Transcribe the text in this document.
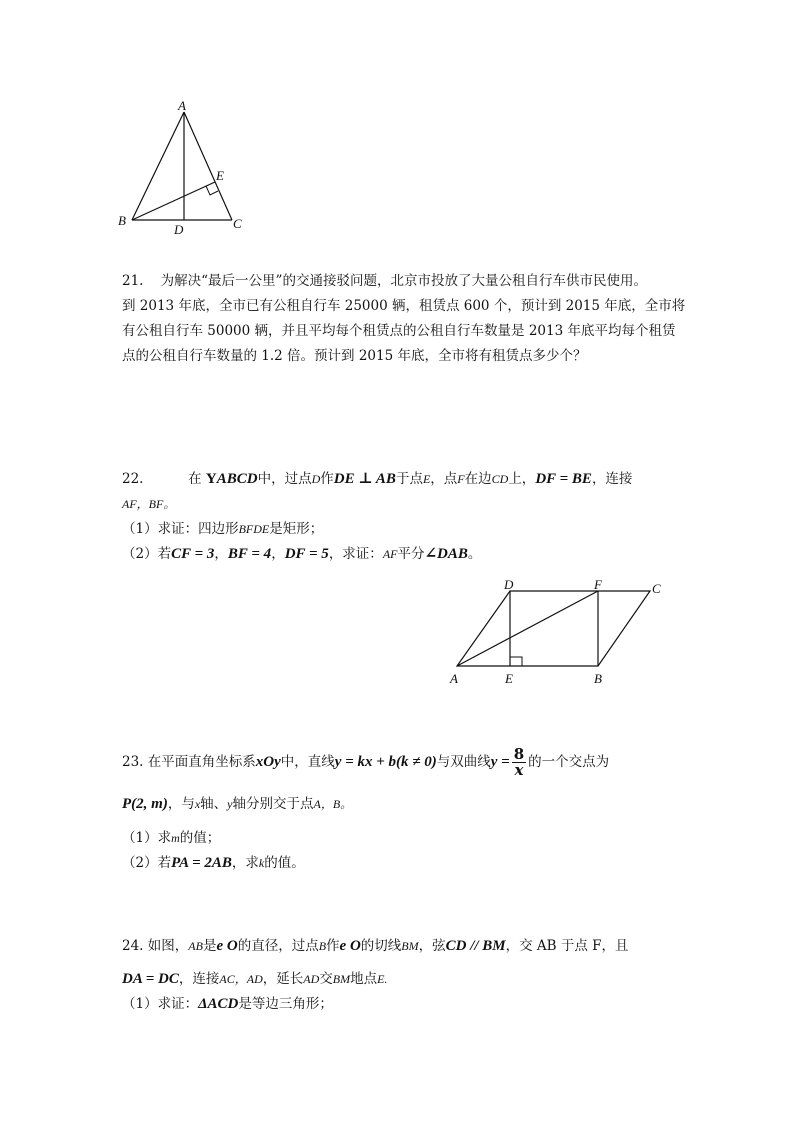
A
B	C
D
E
21. 为解决“最后一公里”的交通接驳问题，北京市投放了大量公租自行车供市民使用。
到 2013 年底，全市已有公租自行车 25000 辆，租赁点 600 个，预计到 2015 年底，全市将
有公租自行车 50000 辆，并且平均每个租赁点的公租自行车数量是 2013 年底平均每个租赁
点的公租自行车数量的 1.2 倍。预计到 2015 年底，全市将有租赁点多少个？
22.	在 YABCD中，过点D作DE ⊥ AB于点E，点F在边CD上，DF = BE，连接
AF，BF。
（1）求证：四边形BFDE是矩形；
（2）若CF = 3，BF = 4，DF = 5，求证：AF平分∠DAB。
A	B
C
D
E
F
23. 在平面直角坐标系xOy中，直线y = kx + b(k ≠ 0)与双曲线$y = \frac{8}{x}$ 的一个交点为
P(2, m)，与x轴、y轴分别交于点A，B。
（1）求m的值；
（2）若PA = 2AB，求k的值。
24. 如图，AB是e O的直径，过点B作e O的切线BM，弦CD // BM，交 AB 于点 F，且
DA = DC，连接AC，AD，延长AD交BM地点E.
（1）求证：ΔACD是等边三角形；
